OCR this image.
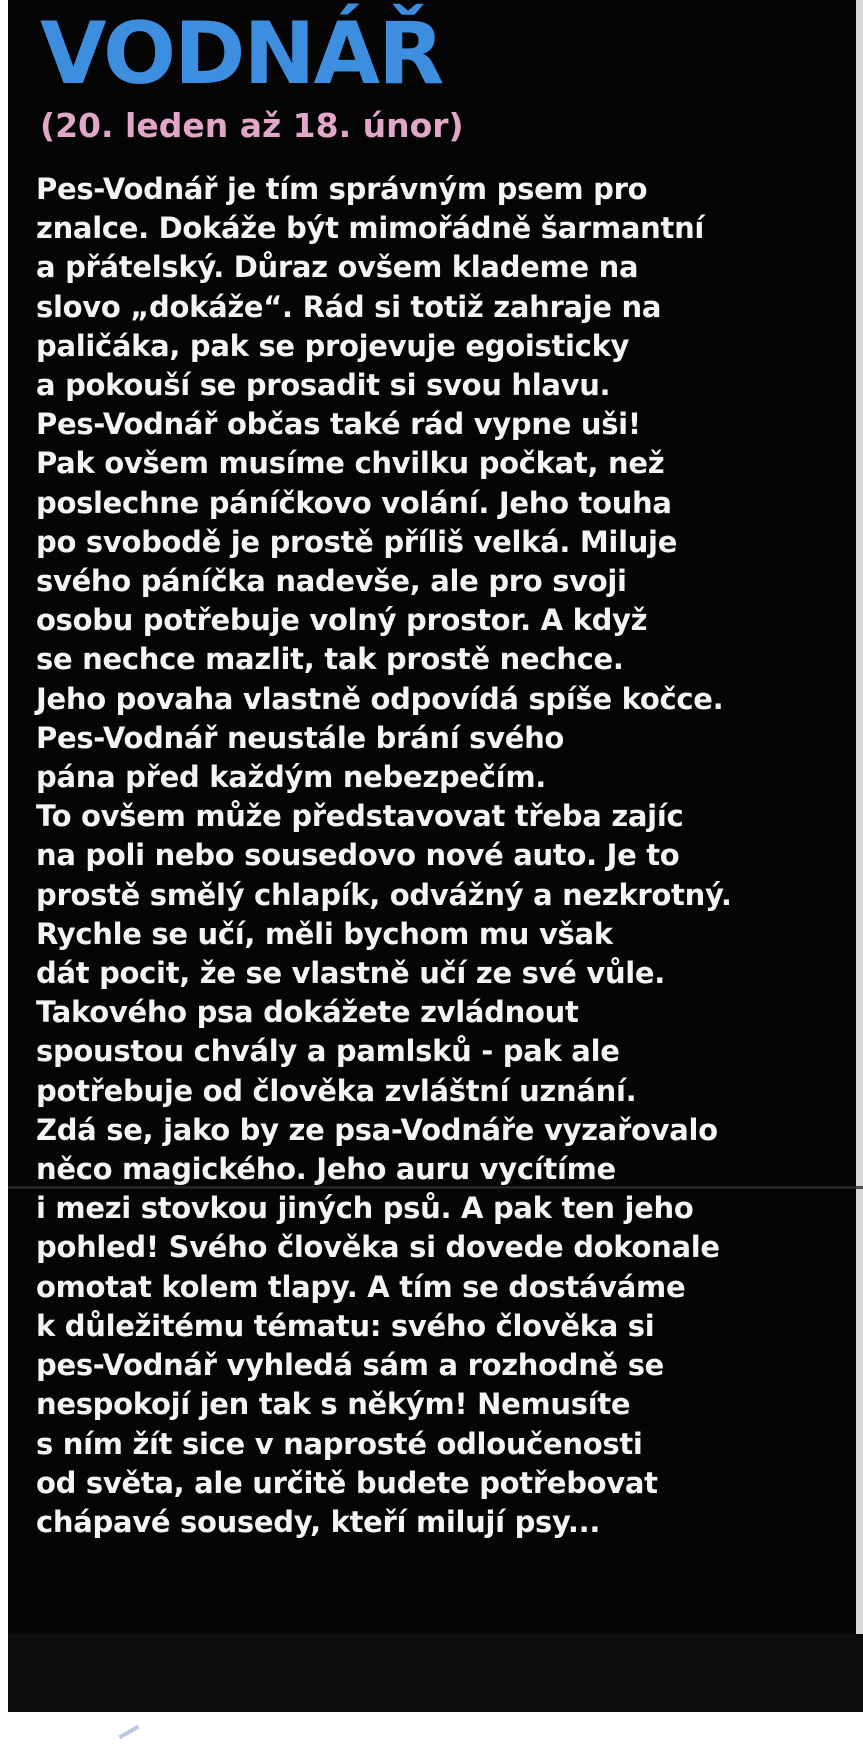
VODNÁŘ

(20. leden až 18. únor)

Pes-Vodnář je tím správným psem pro
znalce. Dokáže být mimořádně šarmantní
a přátelský. Důraz ovšem klademe na
slovo „dokáže“. Rád si totiž zahraje na
paličáka, pak se projevuje egoisticky
a pokouší se prosadit si svou hlavu.
Pes-Vodnář občas také rád vypne uši!
Pak ovšem musíme chvilku počkat, než
poslechne páníčkovo volání. Jeho touha
po svobodě je prostě příliš velká. Miluje
svého páníčka nadevše, ale pro svoji
osobu potřebuje volný prostor. A když
se nechce mazlit, tak prostě nechce.
Jeho povaha vlastně odpovídá spíše kočce.
Pes-Vodnář neustále brání svého
pána před každým nebezpečím.
To ovšem může představovat třeba zajíc
na poli nebo sousedovo nové auto. Je to
prostě smělý chlapík, odvážný a nezkrotný.
Rychle se učí, měli bychom mu však
dát pocit, že se vlastně učí ze své vůle.
Takového psa dokážete zvládnout
spoustou chvály a pamlsků - pak ale
potřebuje od člověka zvláštní uznání.
Zdá se, jako by ze psa-Vodnáře vyzařovalo
něco magického. Jeho auru vycítíme
i mezi stovkou jiných psů. A pak ten jeho
pohled! Svého člověka si dovede dokonale
omotat kolem tlapy. A tím se dostáváme
k důležitému tématu: svého člověka si
pes-Vodnář vyhledá sám a rozhodně se
nespokojí jen tak s někým! Nemusíte
s ním žít sice v naprosté odloučenosti
od světa, ale určitě budete potřebovat
chápavé sousedy, kteří milují psy...
